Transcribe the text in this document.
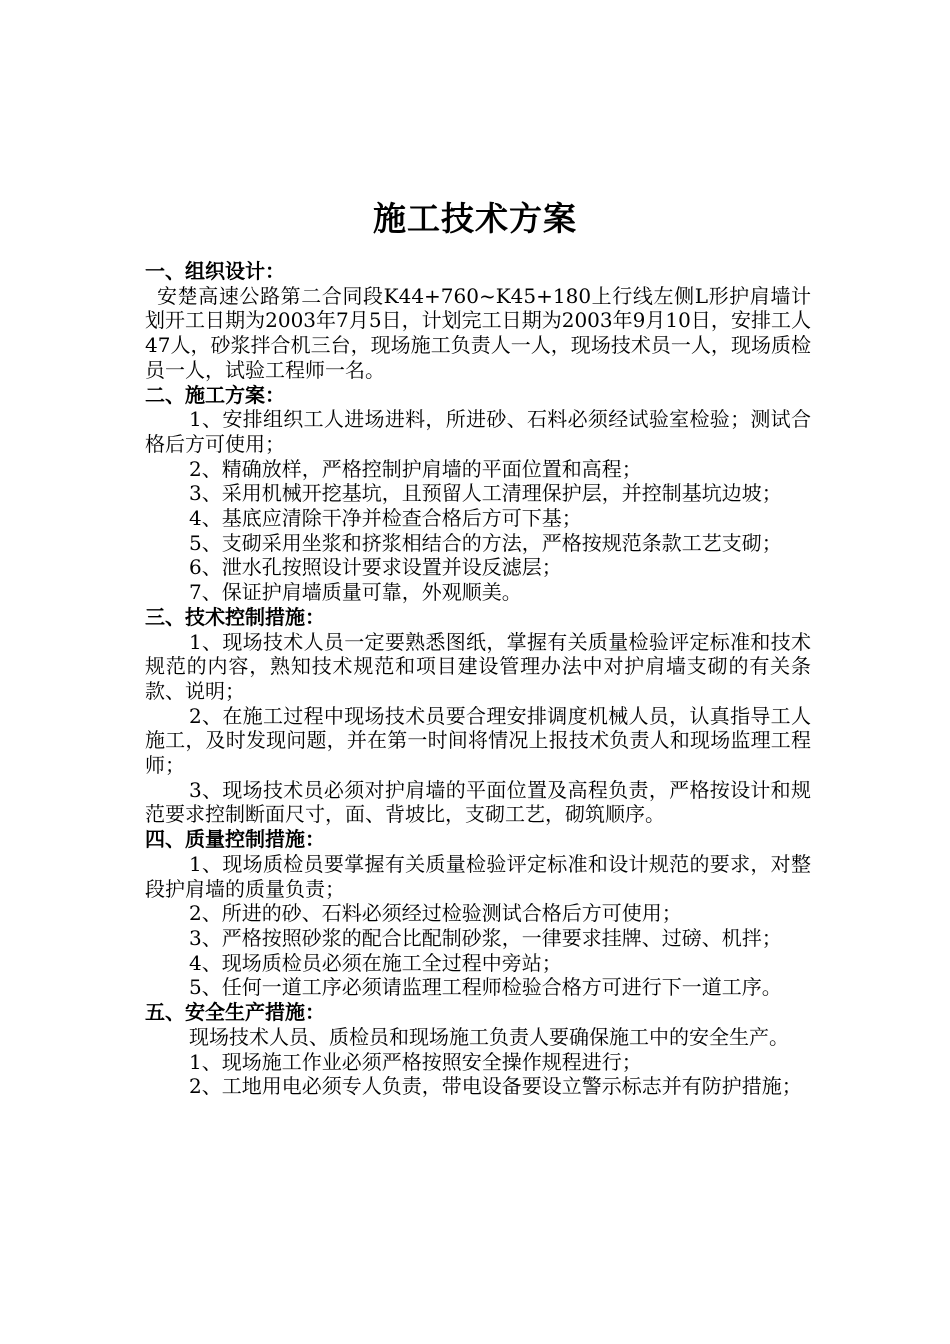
施工技术方案

一、组织设计：

安楚高速公路第二合同段K44+760~K45+180上行线左侧L形护肩墙计划开工日期为2003年7月5日，计划完工日期为2003年9月10日，安排工人47人，砂浆拌合机三台，现场施工负责人一人，现场技术员一人，现场质检员一人，试验工程师一名。

二、施工方案：

1、安排组织工人进场进料，所进砂、石料必须经试验室检验；测试合格后方可使用；

2、精确放样，严格控制护肩墙的平面位置和高程；

3、采用机械开挖基坑，且预留人工清理保护层，并控制基坑边坡；

4、基底应清除干净并检查合格后方可下基；

5、支砌采用坐浆和挤浆相结合的方法，严格按规范条款工艺支砌；

6、泄水孔按照设计要求设置并设反滤层；

7、保证护肩墙质量可靠，外观顺美。

三、技术控制措施：

1、现场技术人员一定要熟悉图纸，掌握有关质量检验评定标准和技术规范的内容，熟知技术规范和项目建设管理办法中对护肩墙支砌的有关条款、说明；

2、在施工过程中现场技术员要合理安排调度机械人员，认真指导工人施工，及时发现问题，并在第一时间将情况上报技术负责人和现场监理工程师；

3、现场技术员必须对护肩墙的平面位置及高程负责，严格按设计和规范要求控制断面尺寸，面、背坡比，支砌工艺，砌筑顺序。

四、质量控制措施：

1、现场质检员要掌握有关质量检验评定标准和设计规范的要求，对整段护肩墙的质量负责；

2、所进的砂、石料必须经过检验测试合格后方可使用；

3、严格按照砂浆的配合比配制砂浆，一律要求挂牌、过磅、机拌；

4、现场质检员必须在施工全过程中旁站；

5、任何一道工序必须请监理工程师检验合格方可进行下一道工序。

五、安全生产措施：

现场技术人员、质检员和现场施工负责人要确保施工中的安全生产。

1、现场施工作业必须严格按照安全操作规程进行；

2、工地用电必须专人负责，带电设备要设立警示标志并有防护措施；
